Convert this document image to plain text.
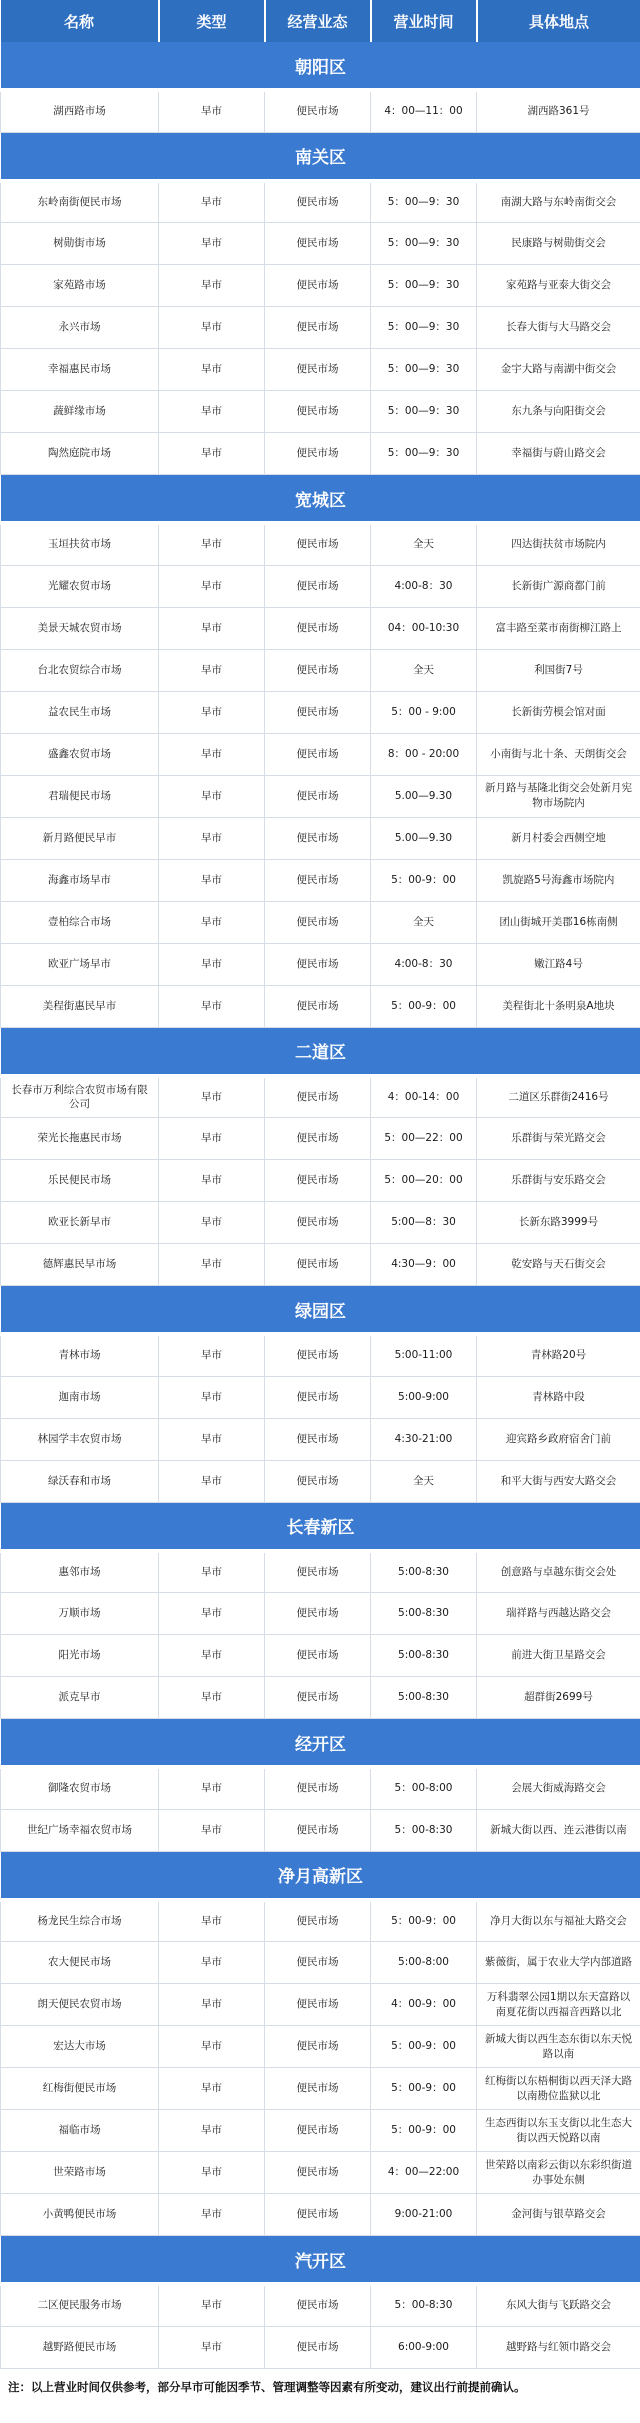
名称	类型	经营业态	营业时间	具体地点
朝阳区				
湖西路市场	早市	便民市场	4：00—11：00	湖西路361号
南关区				
东岭南街便民市场	早市	便民市场	5：00—9：30	南湖大路与东岭南街交会
树勋街市场	早市	便民市场	5：00—9：30	民康路与树勋街交会
家苑路市场	早市	便民市场	5：00—9：30	家苑路与亚泰大街交会
永兴市场	早市	便民市场	5：00—9：30	长春大街与大马路交会
幸福惠民市场	早市	便民市场	5：00—9：30	金宇大路与南湖中街交会
蔬鲜缘市场	早市	便民市场	5：00—9：30	东九条与向阳街交会
陶然庭院市场	早市	便民市场	5：00—9：30	幸福街与蔚山路交会
宽城区				
玉垣扶贫市场	早市	便民市场	全天	四达街扶贫市场院内
光耀农贸市场	早市	便民市场	4:00-8：30	长新街广源商都门前
美景天城农贸市场	早市	便民市场	04：00-10:30	富丰路至菜市南街柳江路上
台北农贸综合市场	早市	便民市场	全天	利国街7号
益农民生市场	早市	便民市场	5：00 - 9:00	长新街劳模会馆对面
盛鑫农贸市场	早市	便民市场	8：00 - 20:00	小南街与北十条、天朗街交会
君瑞便民市场	早市	便民市场	5.00—9.30	新月路与基隆北街交会处新月宪物市场院内
新月路便民早市	早市	便民市场	5.00—9.30	新月村委会西侧空地
海鑫市场早市	早市	便民市场	5：00-9：00	凯旋路5号海鑫市场院内
壹柏综合市场	早市	便民市场	全天	团山街城开美郡16栋南侧
欧亚广场早市	早市	便民市场	4:00-8：30	嫩江路4号
美程街惠民早市	早市	便民市场	5：00-9：00	美程街北十条明泉A地块
二道区				
长春市万利综合农贸市场有限公司	早市	便民市场	4：00-14：00	二道区乐群街2416号
荣光长拖惠民市场	早市	便民市场	5：00—22：00	乐群街与荣光路交会
乐民便民市场	早市	便民市场	5：00—20：00	乐群街与安乐路交会
欧亚长新早市	早市	便民市场	5:00—8：30	长新东路3999号
德辉惠民早市场	早市	便民市场	4:30—9：00	乾安路与天石街交会
绿园区				
青林市场	早市	便民市场	5:00-11:00	青林路20号
迦南市场	早市	便民市场	5:00-9:00	青林路中段
林园学丰农贸市场	早市	便民市场	4:30-21:00	迎宾路乡政府宿舍门前
绿沃春和市场	早市	便民市场	全天	和平大街与西安大路交会
长春新区				
惠邻市场	早市	便民市场	5:00-8:30	创意路与卓越东街交会处
万顺市场	早市	便民市场	5:00-8:30	瑞祥路与西越达路交会
阳光市场	早市	便民市场	5:00-8:30	前进大街卫星路交会
派克早市	早市	便民市场	5:00-8:30	超群街2699号
经开区				
御隆农贸市场	早市	便民市场	5：00-8:00	会展大街威海路交会
世纪广场幸福农贸市场	早市	便民市场	5：00-8:30	新城大街以西、连云港街以南
净月高新区				
杨龙民生综合市场	早市	便民市场	5：00-9：00	净月大街以东与福祉大路交会
农大便民市场	早市	便民市场	5:00-8:00	紫薇街，属于农业大学内部道路
朗天便民农贸市场	早市	便民市场	4：00-9：00	万科翡翠公园1期以东天富路以南夏花街以西福音西路以北
宏达大市场	早市	便民市场	5：00-9：00	新城大街以西生态东街以东天悦路以南
红梅街便民市场	早市	便民市场	5：00-9：00	红梅街以东梧桐街以西天泽大路以南勘位监狱以北
福临市场	早市	便民市场	5：00-9：00	生态西街以东玉支街以北生态大街以西天悦路以南
世荣路市场	早市	便民市场	4：00—22:00	世荣路以南彩云街以东彩织街道办事处东侧
小黄鸭便民市场	早市	便民市场	9:00-21:00	金河街与银草路交会
汽开区				
二区便民服务市场	早市	便民市场	5：00-8:30	东风大街与飞跃路交会
越野路便民市场	早市	便民市场	6:00-9:00	越野路与红领巾路交会
注：以上营业时间仅供参考，部分早市可能因季节、管理调整等因素有所变动，建议出行前提前确认。
